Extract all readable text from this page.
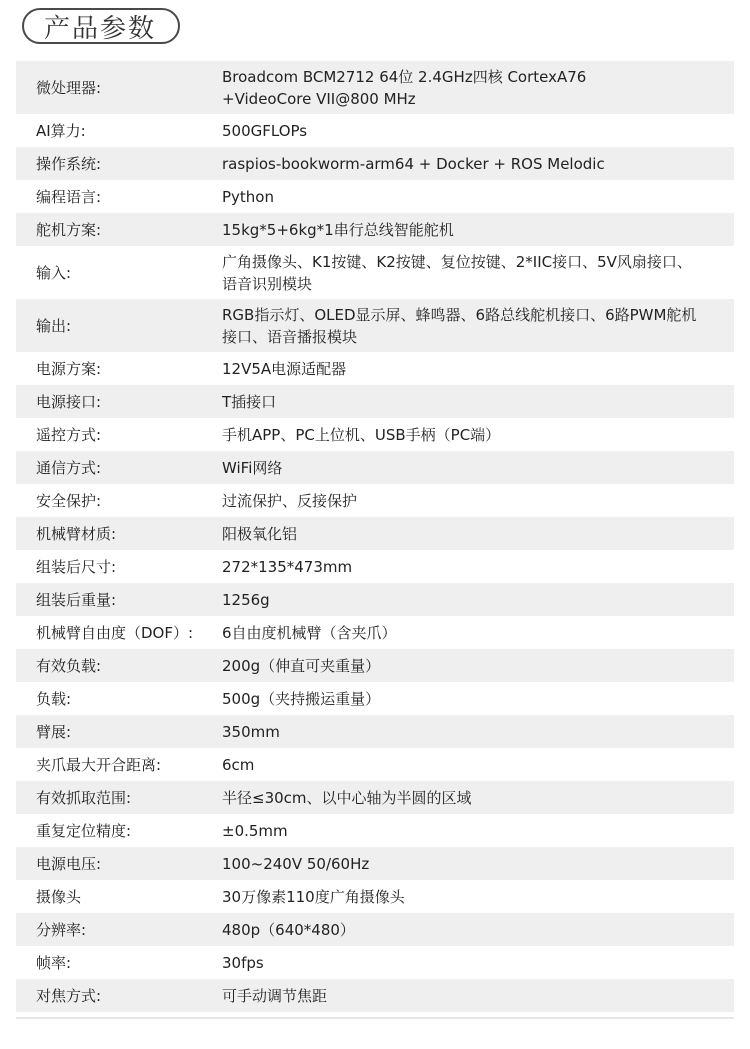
产品参数
微处理器:
Broadcom BCM2712 64位 2.4GHz四核 CortexA76
+VideoCore VII@800 MHz
AI算力:	500GFLOPs
操作系统:	raspios-bookworm-arm64 + Docker + ROS Melodic
编程语言:	Python
舵机方案:	15kg*5+6kg*1串行总线智能舵机
输入:
广角摄像头、K1按键、K2按键、复位按键、2*IIC接口、5V风扇接口、
语音识别模块
输出:
RGB指示灯、OLED显示屏、蜂鸣器、6路总线舵机接口、6路PWM舵机
接口、语音播报模块
电源方案:	12V5A电源适配器
电源接口:	T插接口
遥控方式:	手机APP、PC上位机、USB手柄（PC端）
通信方式:	WiFi网络
安全保护:	过流保护、反接保护
机械臂材质:	阳极氧化铝
组装后尺寸:	272*135*473mm
组装后重量:	1256g
机械臂自由度（DOF）:	6自由度机械臂（含夹爪）
有效负载:	200g（伸直可夹重量）
负载:	500g（夹持搬运重量）
臂展:	350mm
夹爪最大开合距离:	6cm
有效抓取范围:	半径≤30cm、以中心轴为半圆的区域
重复定位精度:	±0.5mm
电源电压:	100~240V 50/60Hz
摄像头	30万像素110度广角摄像头
分辨率:	480p（640*480）
帧率:	30fps
对焦方式:	可手动调节焦距
